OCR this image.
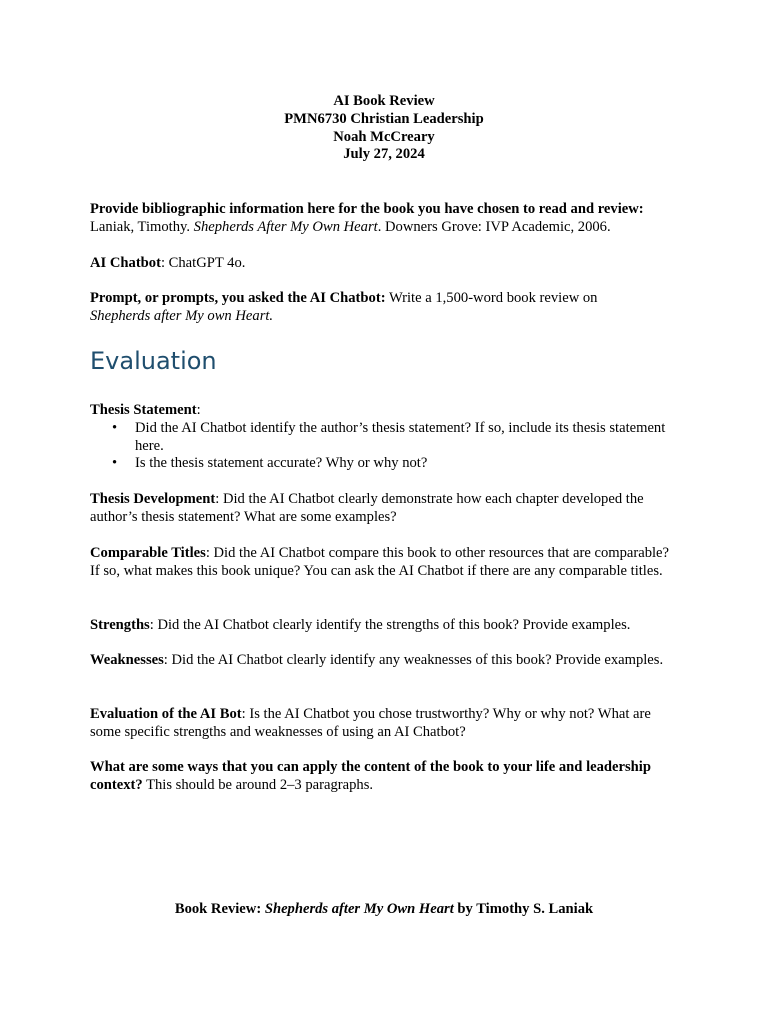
AI Book Review
PMN6730 Christian Leadership
Noah McCreary
July 27, 2024

Provide bibliographic information here for the book you have chosen to read and review:
Laniak, Timothy. Shepherds After My Own Heart. Downers Grove: IVP Academic, 2006.

AI Chatbot: ChatGPT 4o.

Prompt, or prompts, you asked the AI Chatbot: Write a 1,500-word book review on
Shepherds after My own Heart.

Evaluation

Thesis Statement:

• Did the AI Chatbot identify the author’s thesis statement? If so, include its thesis statement here.
• Is the thesis statement accurate? Why or why not?

Thesis Development: Did the AI Chatbot clearly demonstrate how each chapter developed the author’s thesis statement? What are some examples?

Comparable Titles: Did the AI Chatbot compare this book to other resources that are comparable? If so, what makes this book unique? You can ask the AI Chatbot if there are any comparable titles.

Strengths: Did the AI Chatbot clearly identify the strengths of this book? Provide examples.

Weaknesses: Did the AI Chatbot clearly identify any weaknesses of this book? Provide examples.

Evaluation of the AI Bot: Is the AI Chatbot you chose trustworthy? Why or why not? What are some specific strengths and weaknesses of using an AI Chatbot?

What are some ways that you can apply the content of the book to your life and leadership context? This should be around 2–3 paragraphs.

Book Review: Shepherds after My Own Heart by Timothy S. Laniak
